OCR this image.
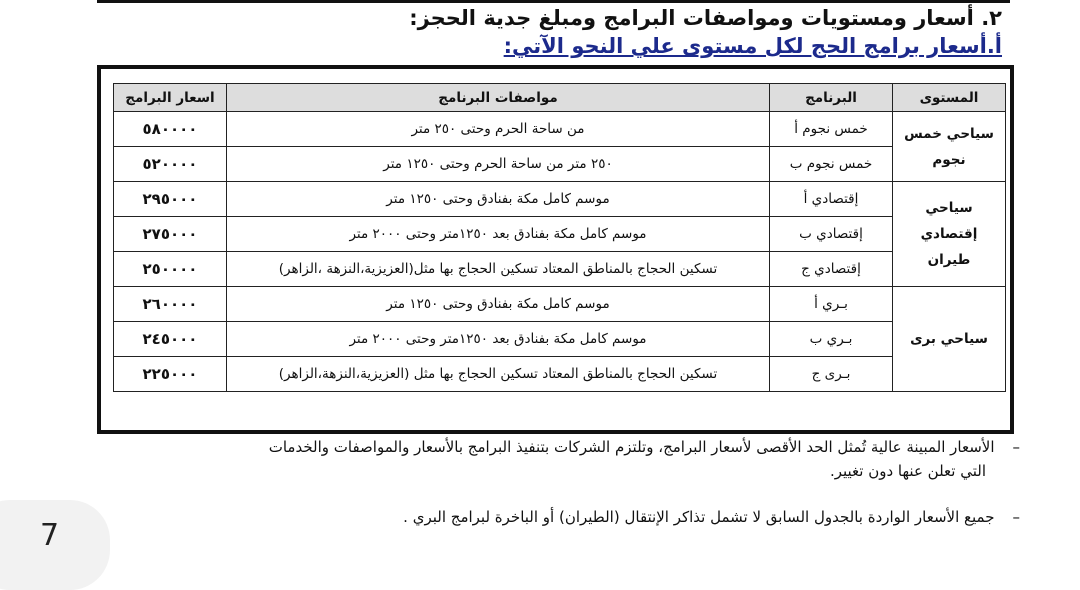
٢. أسعار ومستويات ومواصفات البرامج ومبلغ جدية الحجز:
أ.أسعار برامج الحج لكل مستوى علي النحو الآتي:
المستوى	البرنامج	مواصفات البرنامج	اسعار البرامج
سياحي خمس نجوم	خمس نجوم أ	من ساحة الحرم وحتى ٢٥٠ متر	٥٨٠٠٠٠
	خمس نجوم ب	٢٥٠ متر من ساحة الحرم وحتى ١٢٥٠ متر	٥٢٠٠٠٠
سياحي إقتصادي طيران	إقتصادي أ	موسم كامل مكة بفنادق وحتى ١٢٥٠ متر	٢٩٥٠٠٠
	إقتصادي ب	موسم كامل مكة بفنادق بعد ١٢٥٠متر وحتى ٢٠٠٠ متر	٢٧٥٠٠٠
	إقتصادي ج	تسكين الحجاج بالمناطق المعتاد تسكين الحجاج بها مثل(العزيزية،النزهة ،الزاهر)	٢٥٠٠٠٠
سياحي برى	بـري أ	موسم كامل مكة بفنادق وحتى ١٢٥٠ متر	٢٦٠٠٠٠
	بـري ب	موسم كامل مكة بفنادق بعد ١٢٥٠متر وحتى ٢٠٠٠ متر	٢٤٥٠٠٠
	بـرى ج	تسكين الحجاج بالمناطق المعتاد تسكين الحجاج بها مثل (العزيزية،النزهة،الزاهر)	٢٢٥٠٠٠
–الأسعار المبينة عالية تُمثل الحد الأقصى لأسعار البرامج، وتلتزم الشركات بتنفيذ البرامج بالأسعار والمواصفات والخدمات
التي تعلن عنها دون تغيير.
–جميع الأسعار الواردة بالجدول السابق لا تشمل تذاكر الإنتقال (الطيران) أو الباخرة لبرامج البري .
7
